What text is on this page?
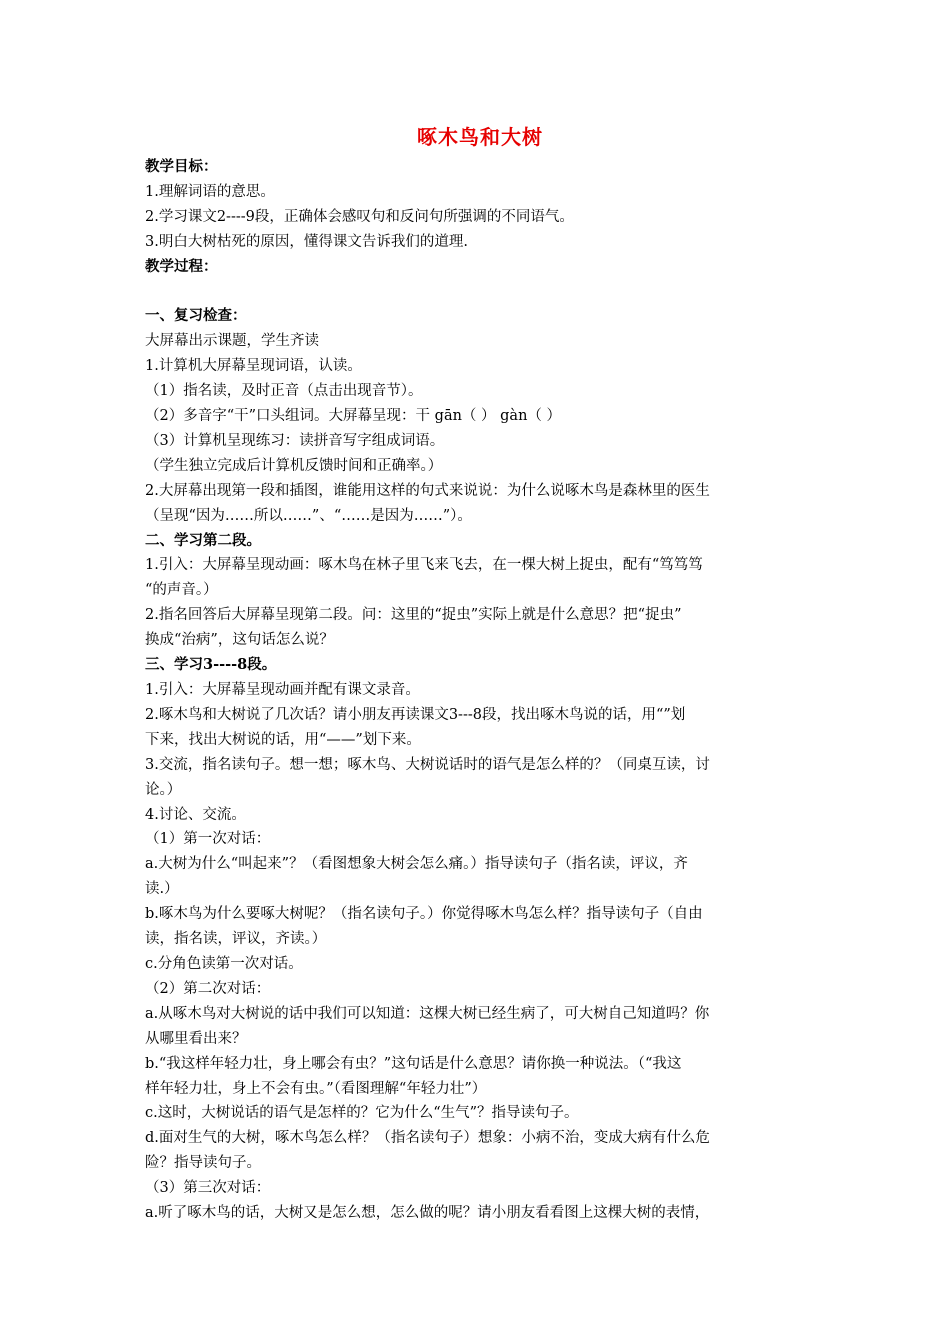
啄木鸟和大树
教学目标：
1.理解词语的意思。
2.学习课文2----9段，正确体会感叹句和反问句所强调的不同语气。
3.明白大树枯死的原因，懂得课文告诉我们的道理.
教学过程：
一、复习检查：
大屏幕出示课题，学生齐读
1.计算机大屏幕呈现词语，认读。
（1）指名读，及时正音（点击出现音节）。
（2）多音字“干”口头组词。大屏幕呈现：干 gān（ ） gàn（ ）
（3）计算机呈现练习：读拼音写字组成词语。
（学生独立完成后计算机反馈时间和正确率。）
2.大屏幕出现第一段和插图，谁能用这样的句式来说说：为什么说啄木鸟是森林里的医生
（呈现“因为……所以……”、“……是因为……”）。
二、学习第二段。
1.引入：大屏幕呈现动画：啄木鸟在林子里飞来飞去，在一棵大树上捉虫，配有“笃笃笃
“的声音。）
2.指名回答后大屏幕呈现第二段。问：这里的“捉虫”实际上就是什么意思？把“捉虫”
换成“治病”，这句话怎么说？
三、学习3----8段。
1.引入：大屏幕呈现动画并配有课文录音。
2.啄木鸟和大树说了几次话？请小朋友再读课文3---8段，找出啄木鸟说的话，用“”划
下来，找出大树说的话，用“——”划下来。
3.交流，指名读句子。想一想；啄木鸟、大树说话时的语气是怎么样的？（同桌互读，讨
论。）
4.讨论、交流。
（1）第一次对话：
a.大树为什么“叫起来”？（看图想象大树会怎么痛。）指导读句子（指名读，评议，齐
读.）
b.啄木鸟为什么要啄大树呢？（指名读句子。）你觉得啄木鸟怎么样？指导读句子（自由
读，指名读，评议，齐读。）
c.分角色读第一次对话。
（2）第二次对话：
a.从啄木鸟对大树说的话中我们可以知道：这棵大树已经生病了，可大树自己知道吗？你
从哪里看出来？
b.“我这样年轻力壮，身上哪会有虫？”这句话是什么意思？请你换一种说法。（“我这
样年轻力壮，身上不会有虫。”（看图理解“年轻力壮”）
c.这时，大树说话的语气是怎样的？它为什么“生气”？指导读句子。
d.面对生气的大树，啄木鸟怎么样？（指名读句子）想象：小病不治，变成大病有什么危
险？指导读句子。
（3）第三次对话：
a.听了啄木鸟的话，大树又是怎么想，怎么做的呢？请小朋友看看图上这棵大树的表情，
